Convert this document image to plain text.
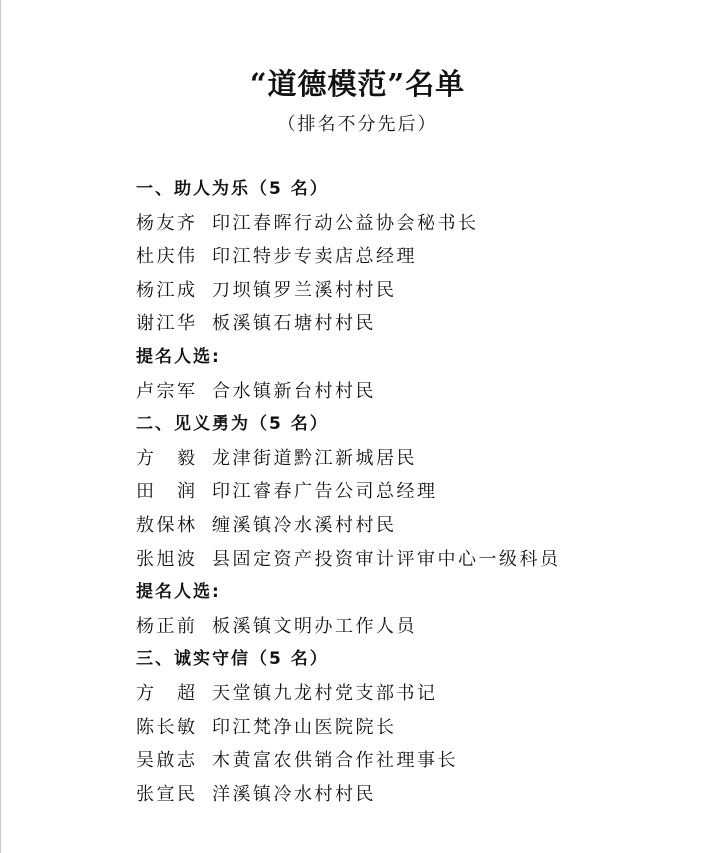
“道德模范”名单
（排名不分先后）
一、助人为乐（5 名）
杨友齐 印江春晖行动公益协会秘书长
杜庆伟 印江特步专卖店总经理
杨江成 刀坝镇罗兰溪村村民
谢江华 板溪镇石塘村村民
提名人选:
卢宗军 合水镇新台村村民
二、见义勇为（5 名）
方　毅 龙津街道黔江新城居民
田　润 印江睿春广告公司总经理
敖保林 缠溪镇冷水溪村村民
张旭波 县固定资产投资审计评审中心一级科员
提名人选:
杨正前 板溪镇文明办工作人员
三、诚实守信（5 名）
方　超 天堂镇九龙村党支部书记
陈长敏 印江梵净山医院院长
吴啟志 木黄富农供销合作社理事长
张宣民 洋溪镇冷水村村民
